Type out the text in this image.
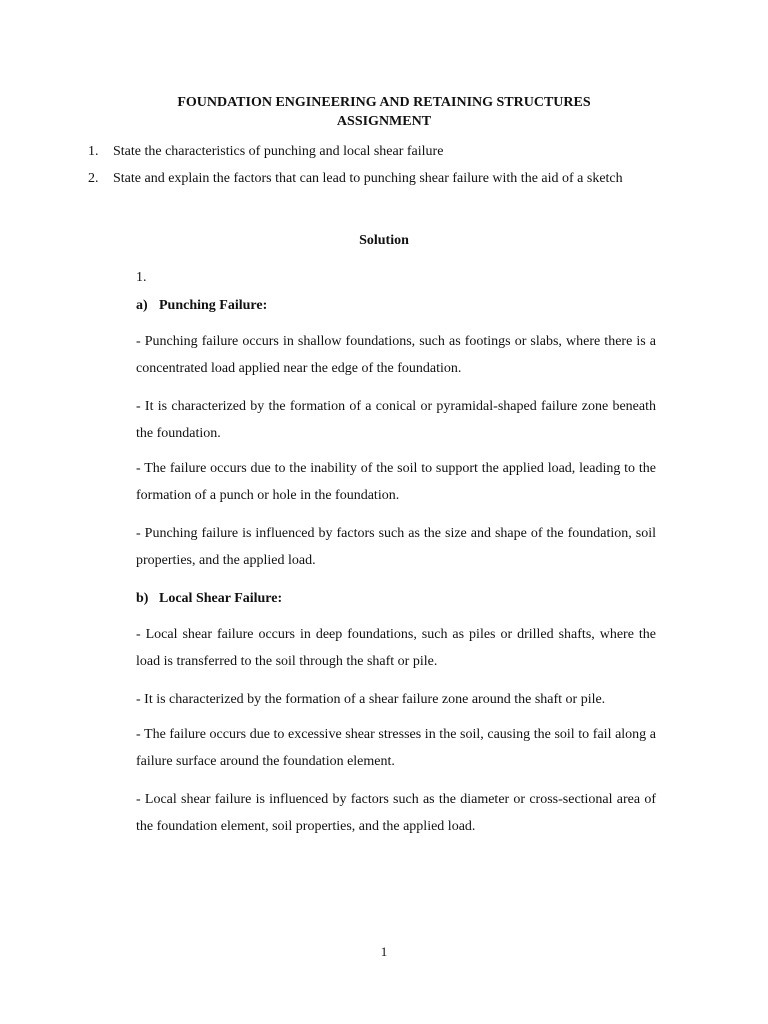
FOUNDATION ENGINEERING AND RETAINING STRUCTURES
ASSIGNMENT
1. State the characteristics of punching and local shear failure
2. State and explain the factors that can lead to punching shear failure with the aid of a sketch
Solution
1.
a) Punching Failure:
- Punching failure occurs in shallow foundations, such as footings or slabs, where there is a concentrated load applied near the edge of the foundation.
- It is characterized by the formation of a conical or pyramidal-shaped failure zone beneath the foundation.
- The failure occurs due to the inability of the soil to support the applied load, leading to the formation of a punch or hole in the foundation.
- Punching failure is influenced by factors such as the size and shape of the foundation, soil properties, and the applied load.
b) Local Shear Failure:
- Local shear failure occurs in deep foundations, such as piles or drilled shafts, where the load is transferred to the soil through the shaft or pile.
- It is characterized by the formation of a shear failure zone around the shaft or pile.
- The failure occurs due to excessive shear stresses in the soil, causing the soil to fail along a failure surface around the foundation element.
- Local shear failure is influenced by factors such as the diameter or cross-sectional area of the foundation element, soil properties, and the applied load.
1
